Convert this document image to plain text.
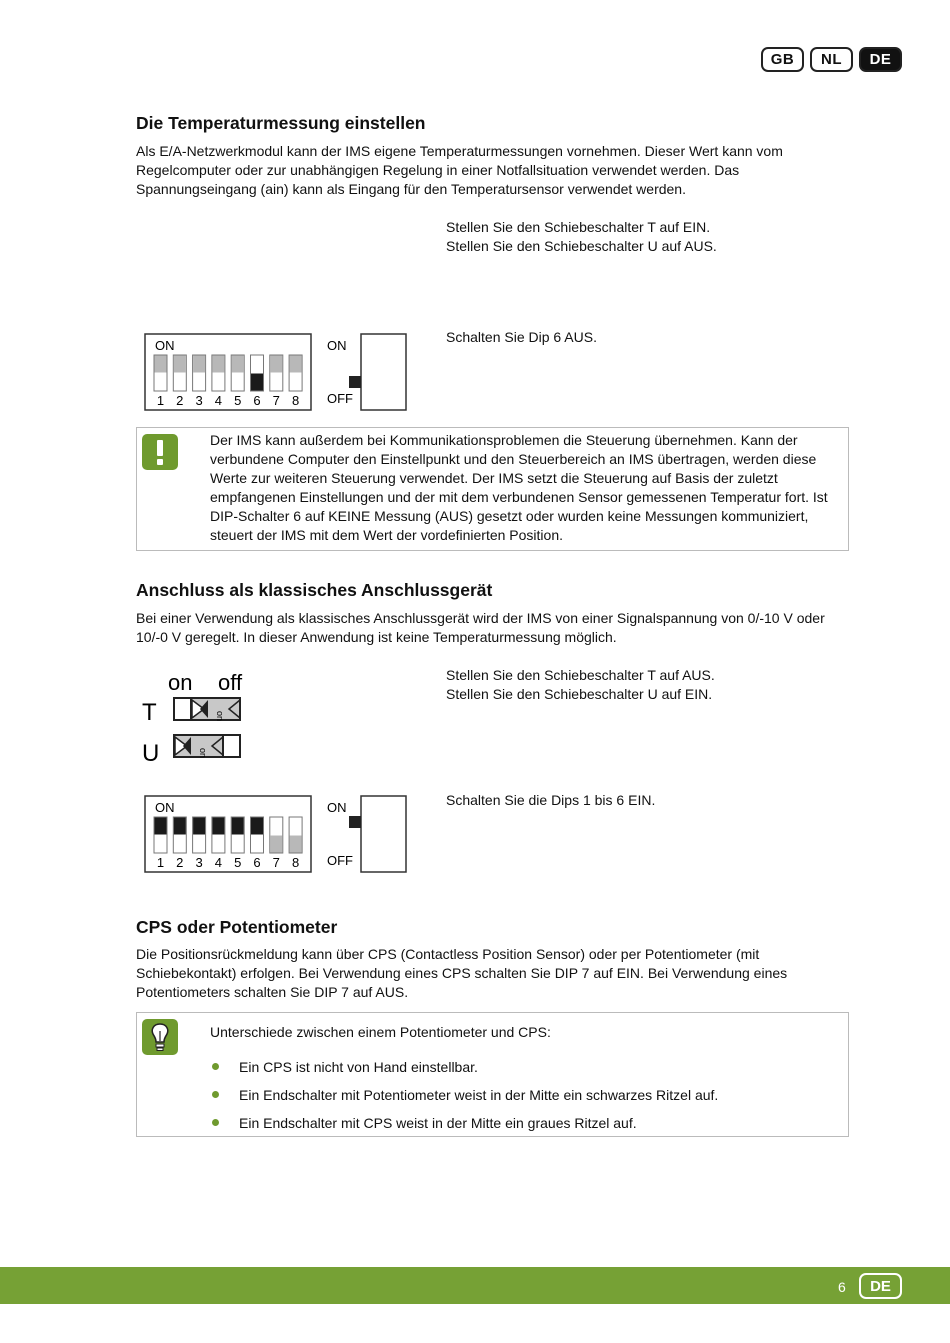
GB	NL	DE
Die Temperaturmessung einstellen

Als E/A-Netzwerkmodul kann der IMS eigene Temperaturmessungen vornehmen. Dieser Wert kann vom Regelcomputer oder zur unabhängigen Regelung in einer Notfallsituation verwendet werden. Das Spannungseingang (ain) kann als Eingang für den Temperatursensor verwendet werden.

Stellen Sie den Schiebeschalter T auf EIN.

Stellen Sie den Schiebeschalter U auf AUS.

Schalten Sie Dip 6 AUS.

ON
1 2 3 4 5 6 7 8
ON
OFF
Der IMS kann außerdem bei Kommunikationsproblemen die Steuerung übernehmen. Kann der verbundene Computer den Einstellpunkt und den Steuerbereich an IMS übertragen, werden diese Werte zur weiteren Steuerung verwendet. Der IMS setzt die Steuerung auf Basis der zuletzt empfangenen Einstellungen und der mit dem verbundenen Sensor gemessenen Temperatur fort. Ist DIP-Schalter 6 auf KEINE Messung (AUS) gesetzt oder wurden keine Messungen kommuniziert, steuert der IMS mit dem Wert der vordefinierten Position.
Anschluss als klassisches Anschlussgerät

Bei einer Verwendung als klassisches Anschlussgerät wird der IMS von einer Signalspannung von 0/-10 V oder 10/-0 V geregelt. In dieser Anwendung ist keine Temperaturmessung möglich.

Stellen Sie den Schiebeschalter T auf AUS.

Stellen Sie den Schiebeschalter U auf EIN.

Schalten Sie die Dips 1 bis 6 EIN.

on off
T
U
on
on
ON
1 2 3 4 5 6 7 8
ON
OFF
CPS oder Potentiometer

Die Positionsrückmeldung kann über CPS (Contactless Position Sensor) oder per Potentiometer (mit Schiebekontakt) erfolgen. Bei Verwendung eines CPS schalten Sie DIP 7 auf EIN. Bei Verwendung eines Potentiometers schalten Sie DIP 7 auf AUS.

Unterschiede zwischen einem Potentiometer und CPS:
Ein CPS ist nicht von Hand einstellbar.
Ein Endschalter mit Potentiometer weist in der Mitte ein schwarzes Ritzel auf.
Ein Endschalter mit CPS weist in der Mitte ein graues Ritzel auf.
6	DE
